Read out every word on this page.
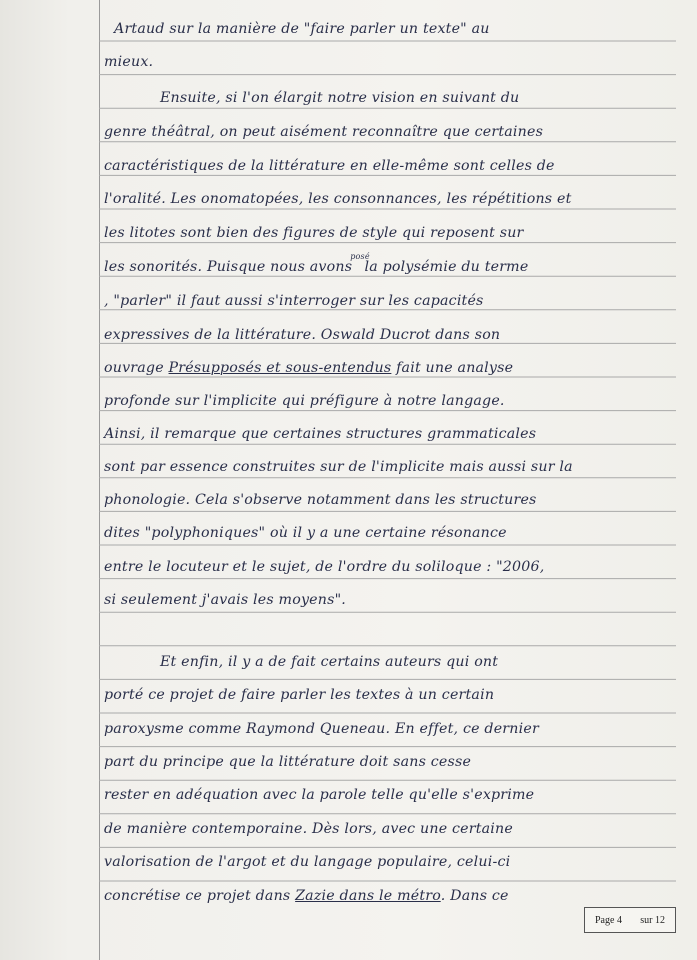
Artaud sur la manière de "faire parler un texte" au
mieux.
Ensuite, si l'on élargit notre vision en suivant du
genre théâtral, on peut aisément reconnaître que certaines
caractéristiques de la littérature en elle-même sont celles de
l'oralité. Les onomatopées, les consonnances, les répétitions et
les litotes sont bien des figures de style qui reposent sur
les sonorités. Puisque nous avons$^{posé}$ la polysémie du terme
, "parler" il faut aussi s'interroger sur les capacités
expressives de la littérature. Oswald Ducrot dans son
ouvrage Présupposés et sous-entendus fait une analyse
profonde sur l'implicite qui préfigure à notre langage.
Ainsi, il remarque que certaines structures grammaticales
sont par essence construites sur de l'implicite mais aussi sur la
phonologie. Cela s'observe notamment dans les structures
dites "polyphoniques" où il y a une certaine résonance
entre le locuteur et le sujet, de l'ordre du soliloque : "2006,
si seulement j'avais les moyens".
Et enfin, il y a de fait certains auteurs qui ont
porté ce projet de faire parler les textes à un certain
paroxysme comme Raymond Queneau. En effet, ce dernier
part du principe que la littérature doit sans cesse
rester en adéquation avec la parole telle qu'elle s'exprime
de manière contemporaine. Dès lors, avec une certaine
valorisation de l'argot et du langage populaire, celui-ci
concrétise ce projet dans Zazie dans le métro. Dans ce
Page 4 sur 12
